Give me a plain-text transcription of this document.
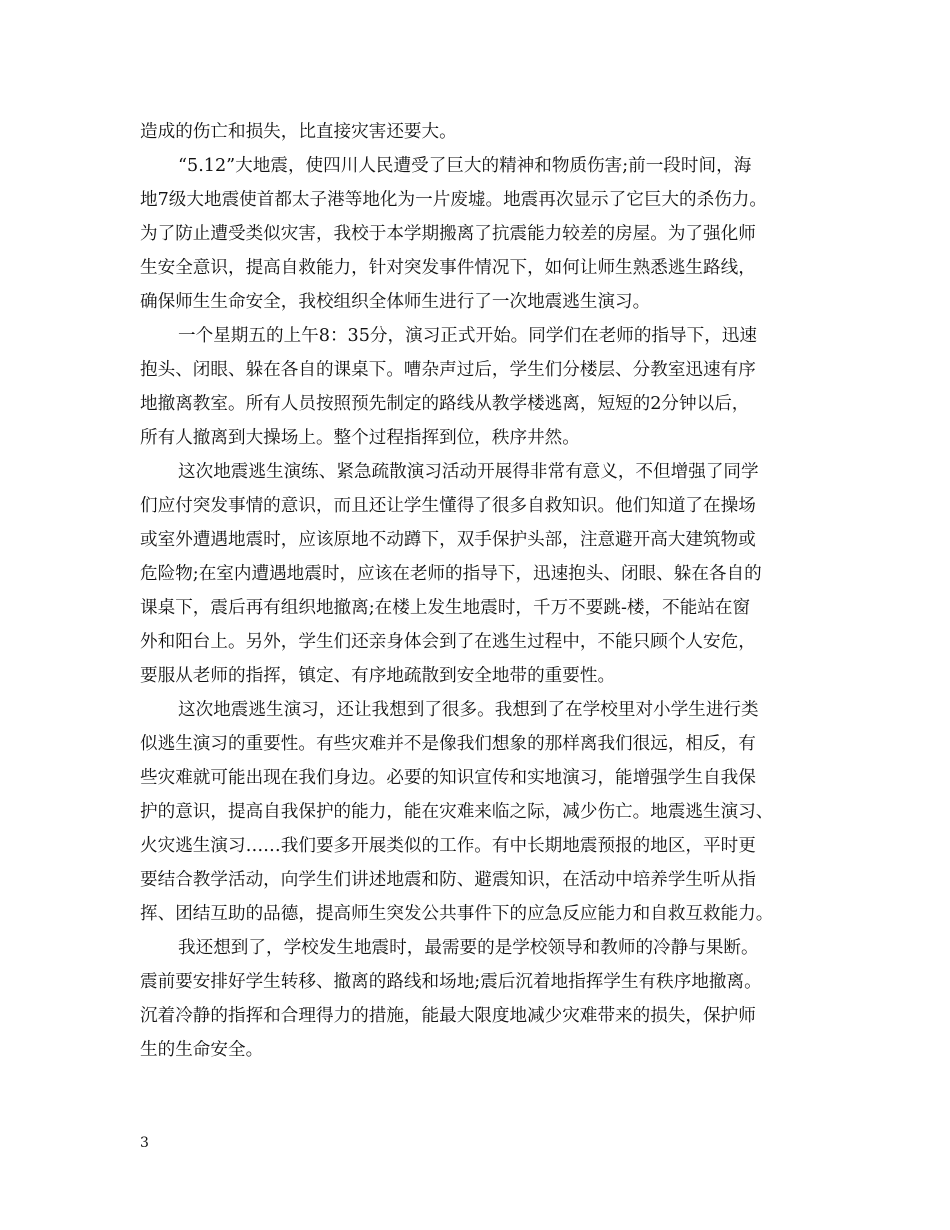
造成的伤亡和损失，比直接灾害还要大。
“5.12”大地震，使四川人民遭受了巨大的精神和物质伤害;前一段时间，海
地7级大地震使首都太子港等地化为一片废墟。地震再次显示了它巨大的杀伤力。
为了防止遭受类似灾害，我校于本学期搬离了抗震能力较差的房屋。为了强化师
生安全意识，提高自救能力，针对突发事件情况下，如何让师生熟悉逃生路线，
确保师生生命安全，我校组织全体师生进行了一次地震逃生演习。
一个星期五的上午8：35分，演习正式开始。同学们在老师的指导下，迅速
抱头、闭眼、躲在各自的课桌下。嘈杂声过后，学生们分楼层、分教室迅速有序
地撤离教室。所有人员按照预先制定的路线从教学楼逃离，短短的2分钟以后，
所有人撤离到大操场上。整个过程指挥到位，秩序井然。
这次地震逃生演练、紧急疏散演习活动开展得非常有意义，不但增强了同学
们应付突发事情的意识，而且还让学生懂得了很多自救知识。他们知道了在操场
或室外遭遇地震时，应该原地不动蹲下，双手保护头部，注意避开高大建筑物或
危险物;在室内遭遇地震时，应该在老师的指导下，迅速抱头、闭眼、躲在各自的
课桌下，震后再有组织地撤离;在楼上发生地震时，千万不要跳-楼，不能站在窗
外和阳台上。另外，学生们还亲身体会到了在逃生过程中，不能只顾个人安危，
要服从老师的指挥，镇定、有序地疏散到安全地带的重要性。
这次地震逃生演习，还让我想到了很多。我想到了在学校里对小学生进行类
似逃生演习的重要性。有些灾难并不是像我们想象的那样离我们很远，相反，有
些灾难就可能出现在我们身边。必要的知识宣传和实地演习，能增强学生自我保
护的意识，提高自我保护的能力，能在灾难来临之际，减少伤亡。地震逃生演习、
火灾逃生演习……我们要多开展类似的工作。有中长期地震预报的地区，平时更
要结合教学活动，向学生们讲述地震和防、避震知识，在活动中培养学生听从指
挥、团结互助的品德，提高师生突发公共事件下的应急反应能力和自救互救能力。
我还想到了，学校发生地震时，最需要的是学校领导和教师的冷静与果断。
震前要安排好学生转移、撤离的路线和场地;震后沉着地指挥学生有秩序地撤离。
沉着冷静的指挥和合理得力的措施，能最大限度地减少灾难带来的损失，保护师
生的生命安全。
3
